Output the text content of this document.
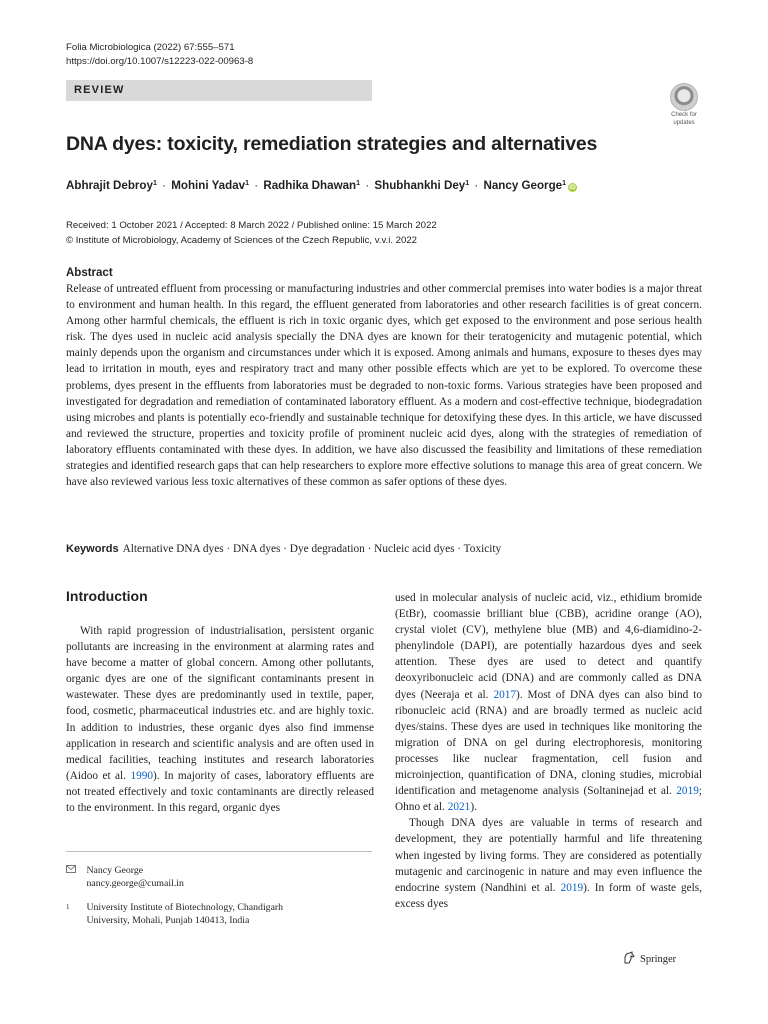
Folia Microbiologica (2022) 67:555–571
https://doi.org/10.1007/s12223-022-00963-8
REVIEW
Check for
updates
DNA dyes: toxicity, remediation strategies and alternatives
Abhrajit Debroy$^1$ · Mohini Yadav$^1$ · Radhika Dhawan$^1$ · Shubhankhi Dey$^1$ · Nancy George$^1$iD
Received: 1 October 2021 / Accepted: 8 March 2022 / Published online: 15 March 2022
© Institute of Microbiology, Academy of Sciences of the Czech Republic, v.v.i. 2022
Abstract
Release of untreated effluent from processing or manufacturing industries and other commercial premises into water bodies is a major threat to environment and human health. In this regard, the effluent generated from laboratories and other research facilities is of great concern. Among other harmful chemicals, the effluent is rich in toxic organic dyes, which get exposed to the environment and pose serious health risk. The dyes used in nucleic acid analysis specially the DNA dyes are known for their teratogenicity and mutagenic potential, which mainly depends upon the organism and circumstances under which it is exposed. Among animals and humans, exposure to theses dyes may lead to irritation in mouth, eyes and respiratory tract and many other possible effects which are yet to be explored. To overcome these problems, dyes present in the effluents from laboratories must be degraded to non-toxic forms. Various strategies have been proposed and investigated for degradation and remediation of contaminated laboratory effluent. As a modern and cost-effective technique, biodegradation using microbes and plants is potentially eco-friendly and sustainable technique for detoxifying these dyes. In this article, we have discussed and reviewed the structure, properties and toxicity profile of prominent nucleic acid dyes, along with the strategies of remediation of laboratory effluents contaminated with these dyes. In addition, we have also discussed the feasibility and limitations of these remediation strategies and identified research gaps that can help researchers to explore more effective solutions to manage this area of great concern. We have also reviewed various less toxic alternatives of these common as safer options of these dyes.
Keywords Alternative DNA dyes · DNA dyes · Dye degradation · Nucleic acid dyes · Toxicity
Introduction

With rapid progression of industrialisation, persistent organic pollutants are increasing in the environment at alarming rates and have become a matter of global concern. Among other pollutants, organic dyes are one of the significant contaminants present in wastewater. These dyes are predominantly used in textile, paper, food, cosmetic, pharmaceutical industries etc. and are highly toxic. In addition to industries, these organic dyes also find immense application in research and scientific analysis and are often used in medical facilities, teaching institutes and research laboratories (Aidoo et al. 1990). In majority of cases, laboratory effluents are not treated effectively and toxic contaminants are directly released to the environment. In this regard, organic dyes

used in molecular analysis of nucleic acid, viz., ethidium bromide (EtBr), coomassie brilliant blue (CBB), acridine orange (AO), crystal violet (CV), methylene blue (MB) and 4,6-diamidino-2-phenylindole (DAPI), are potentially hazardous dyes and seek attention. These dyes are used to detect and quantify deoxyribonucleic acid (DNA) and are commonly called as DNA dyes (Neeraja et al. 2017). Most of DNA dyes can also bind to ribonucleic acid (RNA) and are broadly termed as nucleic acid dyes/stains. These dyes are used in techniques like monitoring the migration of DNA on gel during electrophoresis, monitoring processes like nuclear fragmentation, cell fusion and microinjection, quantification of DNA, cloning studies, microbial identification and metagenome analysis (Soltaninejad et al. 2019; Ohno et al. 2021).

Though DNA dyes are valuable in terms of research and development, they are potentially harmful and life threatening when ingested by living forms. They are considered as potentially mutagenic and carcinogenic in nature and may even influence the endocrine system (Nandhini et al. 2019). In form of waste gels, excess dyes

Nancy George
nancy.george@cumail.in
1 University Institute of Biotechnology, Chandigarh
University, Mohali, Punjab 140413, India
Springer
